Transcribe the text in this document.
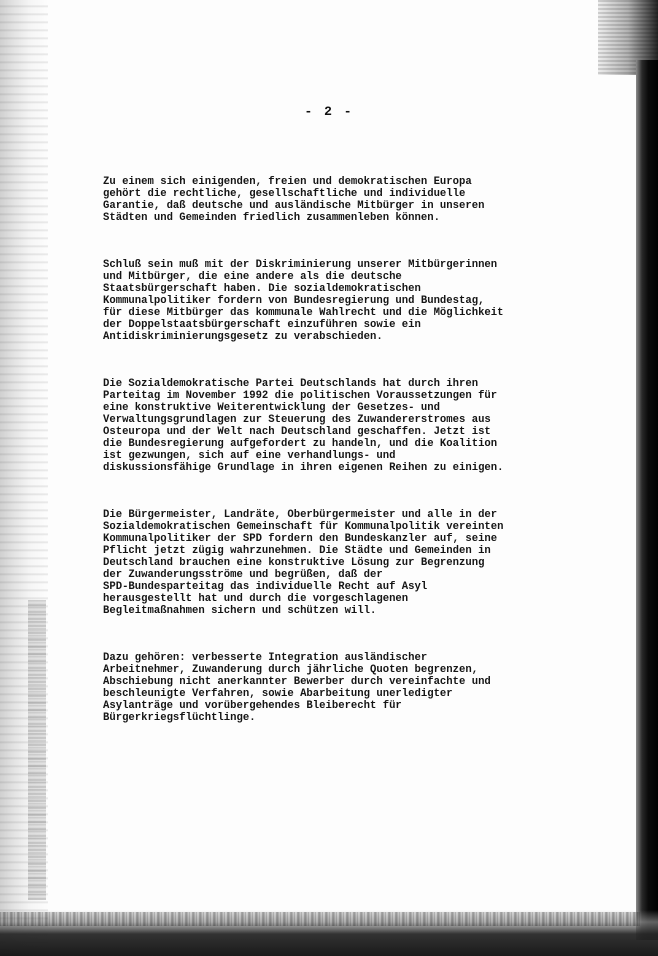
- 2 -

Zu einem sich einigenden, freien und demokratischen Europa
gehört die rechtliche, gesellschaftliche und individuelle
Garantie, daß deutsche und ausländische Mitbürger in unseren
Städten und Gemeinden friedlich zusammenleben können.

Schluß sein muß mit der Diskriminierung unserer Mitbürgerinnen
und Mitbürger, die eine andere als die deutsche
Staatsbürgerschaft haben. Die sozialdemokratischen
Kommunalpolitiker fordern von Bundesregierung und Bundestag,
für diese Mitbürger das kommunale Wahlrecht und die Möglichkeit
der Doppelstaatsbürgerschaft einzuführen sowie ein
Antidiskriminierungsgesetz zu verabschieden.

Die Sozialdemokratische Partei Deutschlands hat durch ihren
Parteitag im November 1992 die politischen Voraussetzungen für
eine konstruktive Weiterentwicklung der Gesetzes- und
Verwaltungsgrundlagen zur Steuerung des Zuwandererstromes aus
Osteuropa und der Welt nach Deutschland geschaffen. Jetzt ist
die Bundesregierung aufgefordert zu handeln, und die Koalition
ist gezwungen, sich auf eine verhandlungs- und
diskussionsfähige Grundlage in ihren eigenen Reihen zu einigen.

Die Bürgermeister, Landräte, Oberbürgermeister und alle in der
Sozialdemokratischen Gemeinschaft für Kommunalpolitik vereinten
Kommunalpolitiker der SPD fordern den Bundeskanzler auf, seine
Pflicht jetzt zügig wahrzunehmen. Die Städte und Gemeinden in
Deutschland brauchen eine konstruktive Lösung zur Begrenzung
der Zuwanderungsströme und begrüßen, daß der
SPD-Bundesparteitag das individuelle Recht auf Asyl
herausgestellt hat und durch die vorgeschlagenen
Begleitmaßnahmen sichern und schützen will.

Dazu gehören: verbesserte Integration ausländischer
Arbeitnehmer, Zuwanderung durch jährliche Quoten begrenzen,
Abschiebung nicht anerkannter Bewerber durch vereinfachte und
beschleunigte Verfahren, sowie Abarbeitung unerledigter
Asylanträge und vorübergehendes Bleiberecht für
Bürgerkriegsflüchtlinge.
